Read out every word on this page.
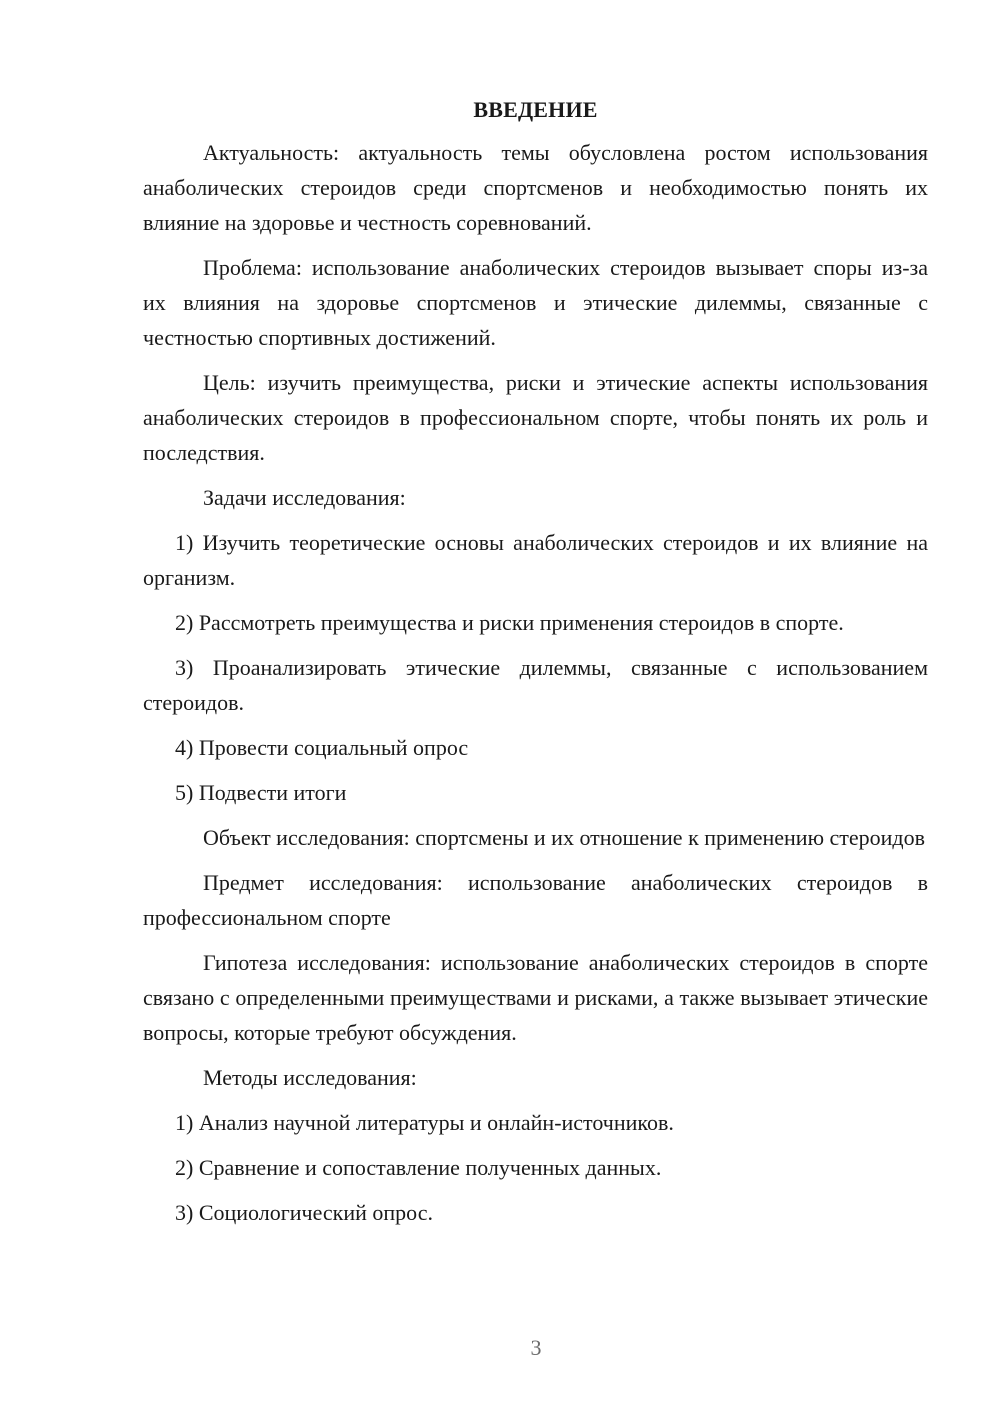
ВВЕДЕНИЕ
Актуальность: актуальность темы обусловлена ростом использования анаболических стероидов среди спортсменов и необходимостью понять их влияние на здоровье и честность соревнований.
Проблема: использование анаболических стероидов вызывает споры из-за их влияния на здоровье спортсменов и этические дилеммы, связанные с честностью спортивных достижений.
Цель: изучить преимущества, риски и этические аспекты использования анаболических стероидов в профессиональном спорте, чтобы понять их роль и последствия.
Задачи исследования:
1) Изучить теоретические основы анаболических стероидов и их влияние на организм.
2) Рассмотреть преимущества и риски применения стероидов в спорте.
3) Проанализировать этические дилеммы, связанные с использованием стероидов.
4) Провести социальный опрос
5) Подвести итоги
Объект исследования: спортсмены и их отношение к применению стероидов
Предмет исследования: использование анаболических стероидов в профессиональном спорте
Гипотеза исследования: использование анаболических стероидов в спорте связано с определенными преимуществами и рисками, а также вызывает этические вопросы, которые требуют обсуждения.
Методы исследования:
1) Анализ научной литературы и онлайн-источников.
2) Сравнение и сопоставление полученных данных.
3) Социологический опрос.
3
